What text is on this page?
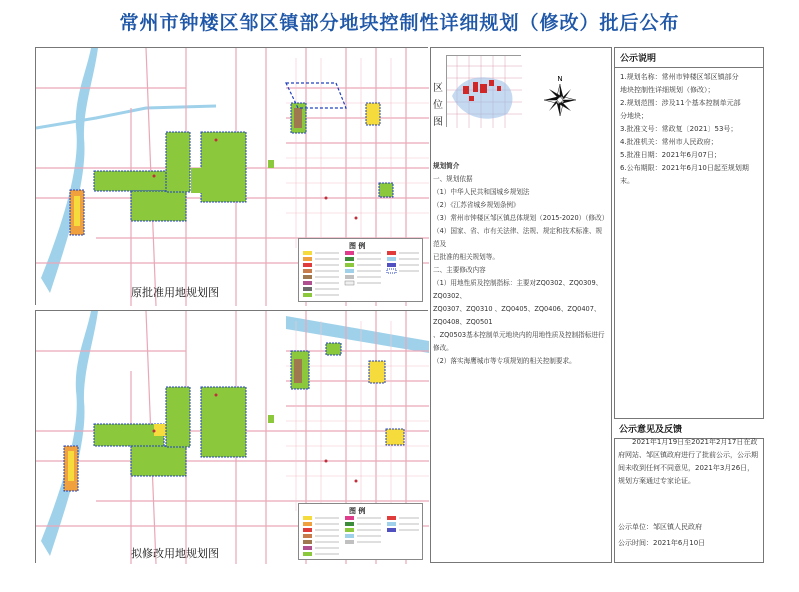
常州市钟楼区邹区镇部分地块控制性详细规划（修改）批后公布
图 例
原批准用地规划图
图 例
拟修改用地规划图
区位图
N
规划简介
一、规划依据
（1）中华人民共和国城乡规划法
（2）《江苏省城乡规划条例》
（3）常州市钟楼区邹区镇总体规划（2015-2020）（修改）
（4）国家、省、市有关法律、法规、规定和技术标准、规范及
已批准的相关规划等。
二、主要修改内容
（1）用地性质及控制指标：主要对ZQ0302、ZQ0309、ZQ0302、
ZQ0307、ZQ0310 、ZQ0405、ZQ0406、ZQ0407、ZQ0408、ZQ0501
、ZQ0503基本控制单元地块内的用地性质及控制指标进行
修改。
（2）落实海鹰城市等专项规划的相关控制要求。
公示说明
1.规划名称：常州市钟楼区邹区镇部分
地块控制性详细规划（修改）；
2.规划范围：涉及11个基本控制单元部
分地块；
3.批准文号：常政复〔2021〕53号；
4.批准机关：常州市人民政府；
5.批准日期：2021年6月07日；
6.公布期限：2021年6月10日起至规划期
末。
公示意见及反馈
2021年1月19日至2021年2月17日在政府网站、邹区镇政府进行了批前公示，公示期间未收到任何不同意见，2021年3月26日，规划方案通过专家论证。
公示单位：邹区镇人民政府
公示时间：2021年6月10日
